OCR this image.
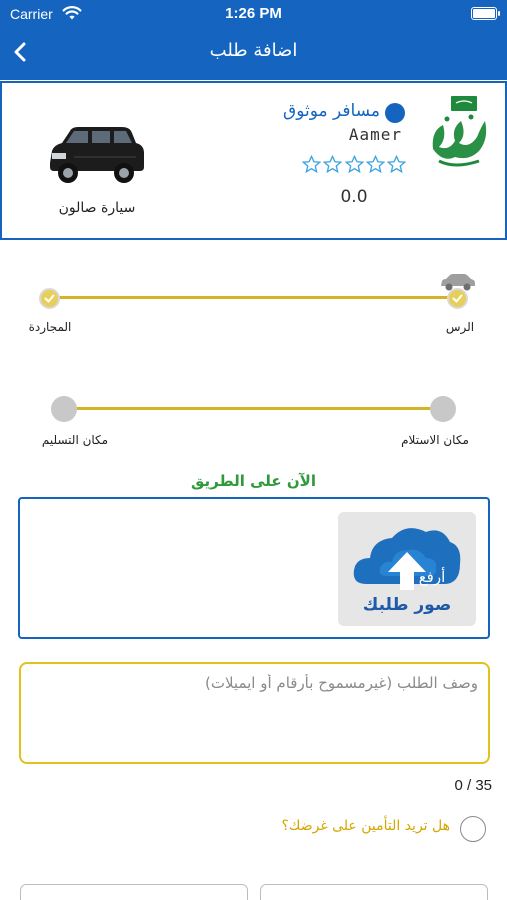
Carrier	1:26 PM
اضافة طلب
مسافر موثوق
Aamer
0.0
سيارة صالون
الرس
المجاردة
مكان الاستلام
مكان التسليم
الآن على الطريق
أرفع
صور طلبك
وصف الطلب (غيرمسموح بأرقام أو ايميلات)
0 / 35
هل تريد التأمين على غرضك؟
